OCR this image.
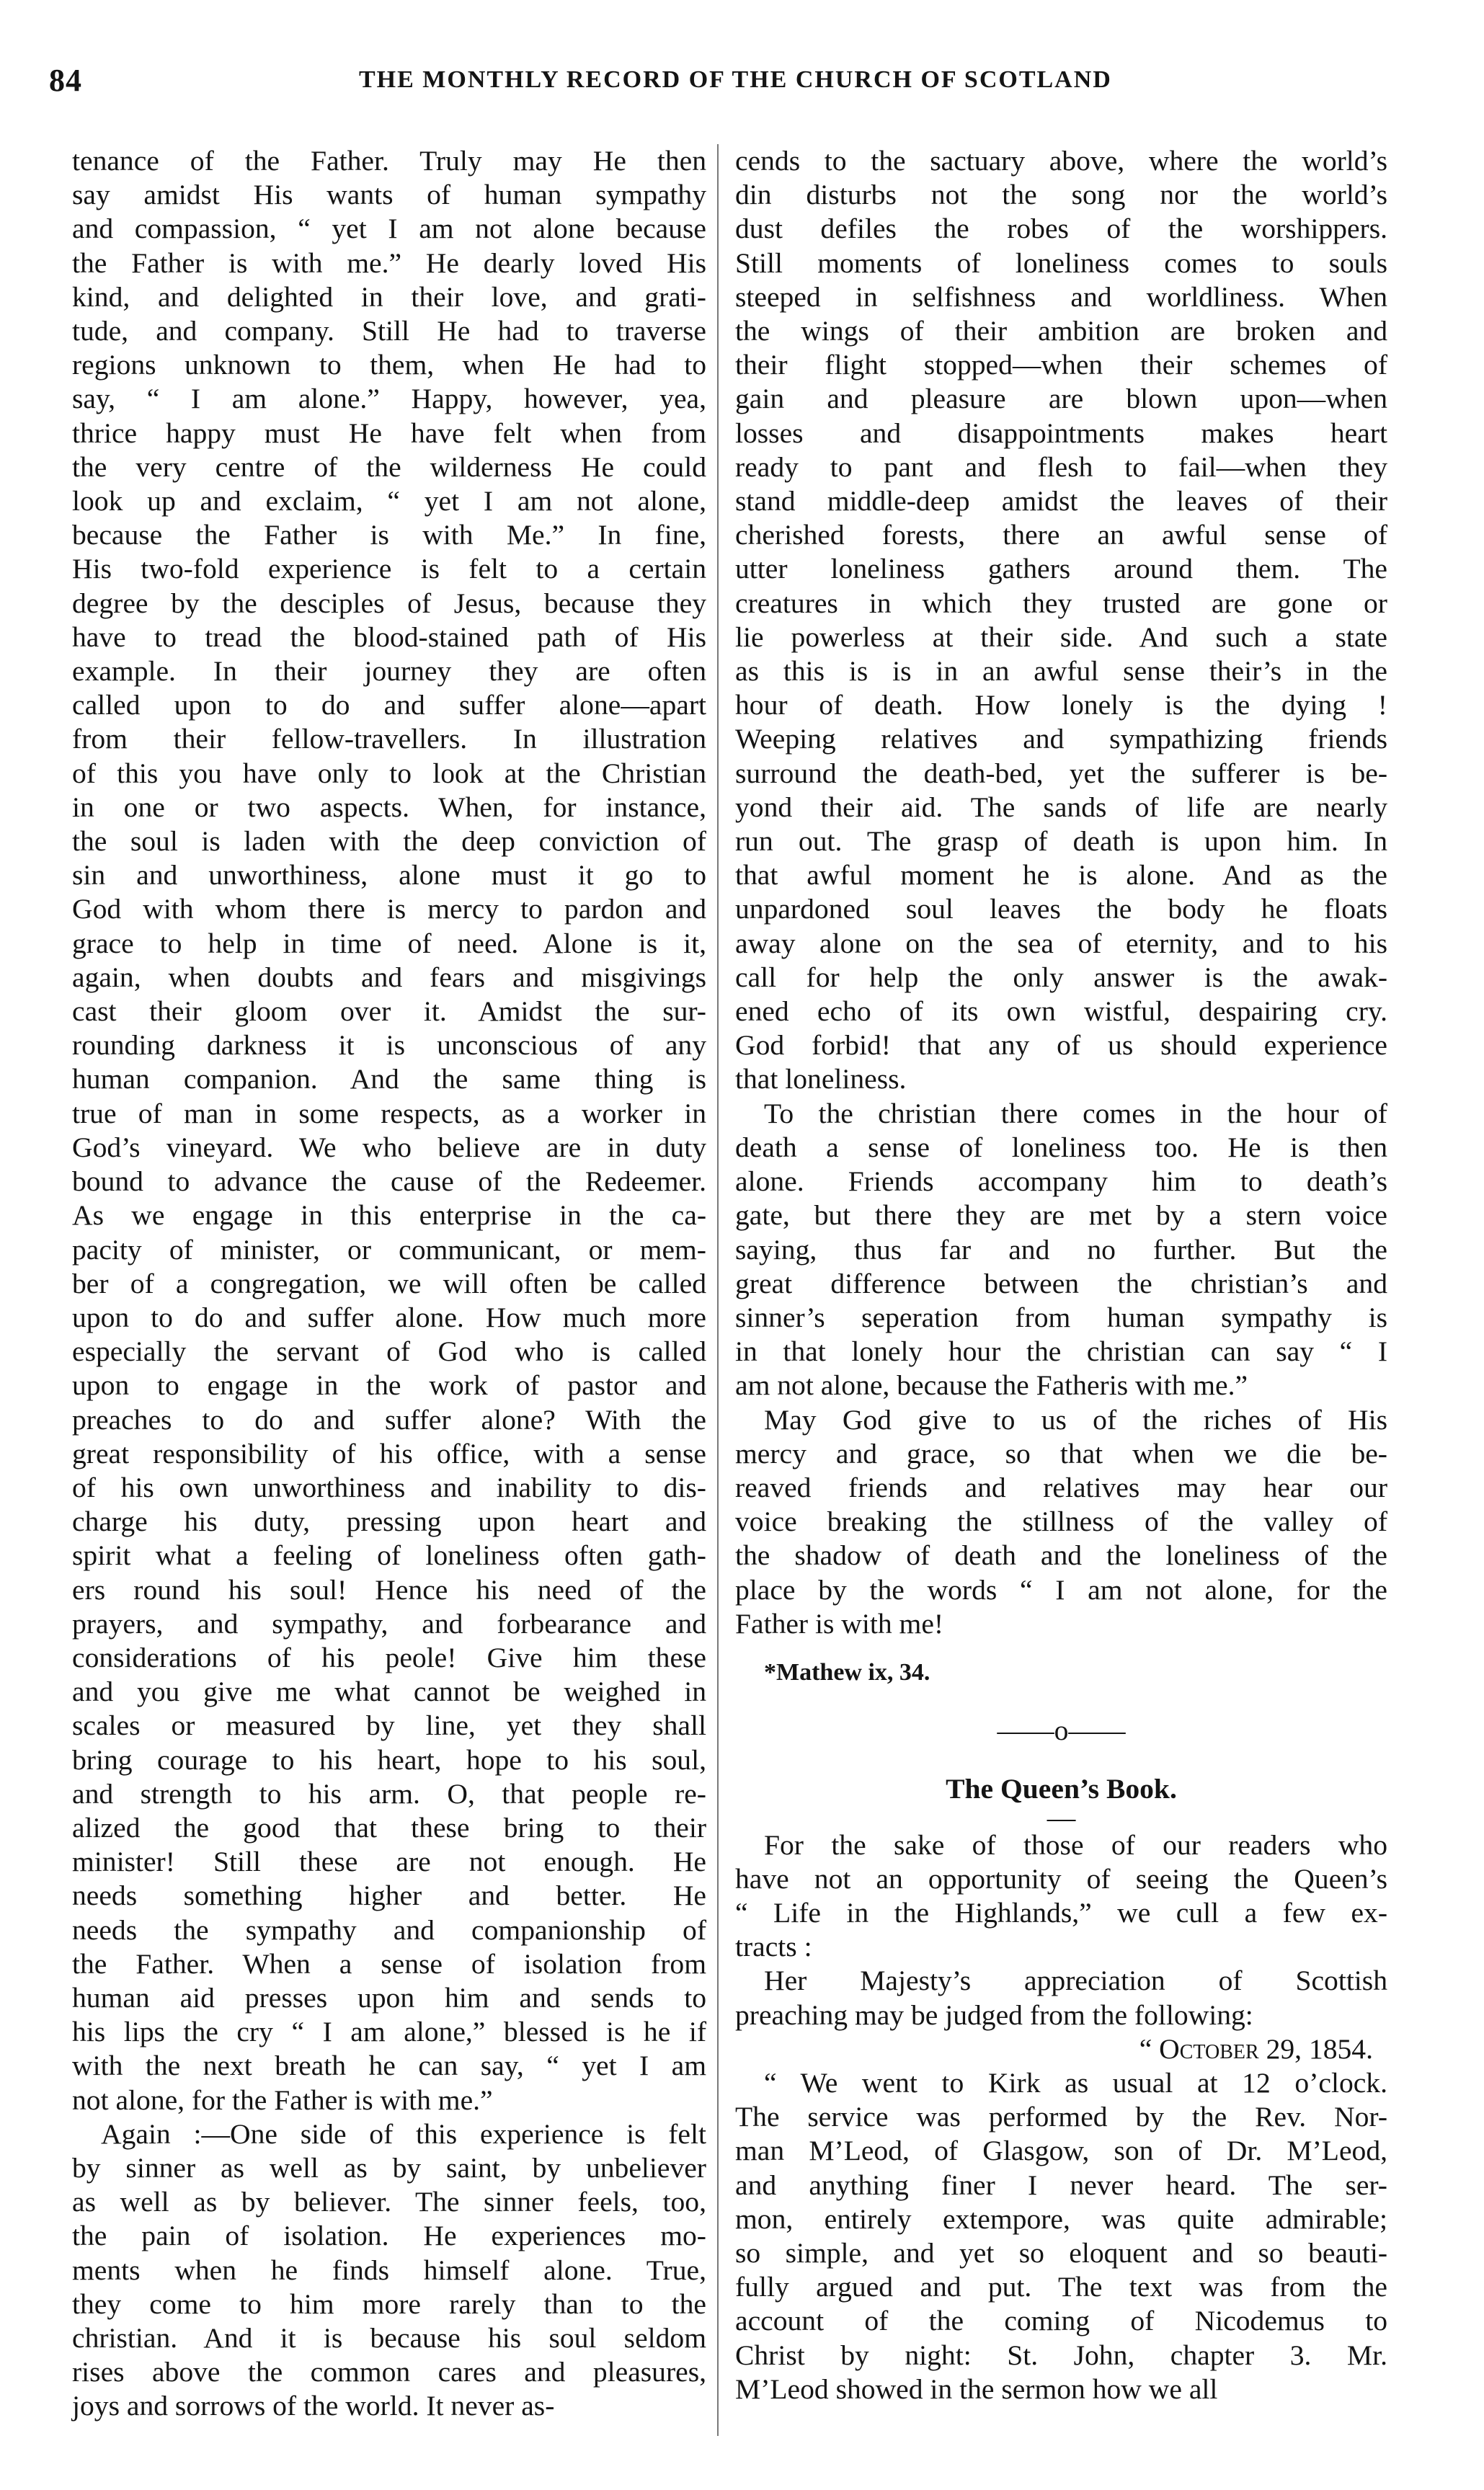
84	THE MONTHLY RECORD OF THE CHURCH OF SCOTLAND
tenance of the Father. Truly may He then
say amidst His wants of human sympathy
and compassion, “ yet I am not alone because
the Father is with me.” He dearly loved His
kind, and delighted in their love, and grati-
tude, and company. Still He had to traverse
regions unknown to them, when He had to
say, “ I am alone.” Happy, however, yea,
thrice happy must He have felt when from
the very centre of the wilderness He could
look up and exclaim, “ yet I am not alone,
because the Father is with Me.” In fine,
His two-fold experience is felt to a certain
degree by the desciples of Jesus, because they
have to tread the blood-stained path of His
example. In their journey they are often
called upon to do and suffer alone—apart
from their fellow-travellers. In illustration
of this you have only to look at the Christian
in one or two aspects. When, for instance,
the soul is laden with the deep conviction of
sin and unworthiness, alone must it go to
God with whom there is mercy to pardon and
grace to help in time of need. Alone is it,
again, when doubts and fears and misgivings
cast their gloom over it. Amidst the sur-
rounding darkness it is unconscious of any
human companion. And the same thing is
true of man in some respects, as a worker in
God’s vineyard. We who believe are in duty
bound to advance the cause of the Redeemer.
As we engage in this enterprise in the ca-
pacity of minister, or communicant, or mem-
ber of a congregation, we will often be called
upon to do and suffer alone. How much more
especially the servant of God who is called
upon to engage in the work of pastor and
preaches to do and suffer alone? With the
great responsibility of his office, with a sense
of his own unworthiness and inability to dis-
charge his duty, pressing upon heart and
spirit what a feeling of loneliness often gath-
ers round his soul! Hence his need of the
prayers, and sympathy, and forbearance and
considerations of his peole! Give him these
and you give me what cannot be weighed in
scales or measured by line, yet they shall
bring courage to his heart, hope to his soul,
and strength to his arm. O, that people re-
alized the good that these bring to their
minister! Still these are not enough. He
needs something higher and better. He
needs the sympathy and companionship of
the Father. When a sense of isolation from
human aid presses upon him and sends to
his lips the cry “ I am alone,” blessed is he if
with the next breath he can say, “ yet I am
not alone, for the Father is with me.”
Again :—One side of this experience is felt
by sinner as well as by saint, by unbeliever
as well as by believer. The sinner feels, too,
the pain of isolation. He experiences mo-
ments when he finds himself alone. True,
they come to him more rarely than to the
christian. And it is because his soul seldom
rises above the common cares and pleasures,
joys and sorrows of the world. It never as-
cends to the sactuary above, where the world’s
din disturbs not the song nor the world’s
dust defiles the robes of the worshippers.
Still moments of loneliness comes to souls
steeped in selfishness and worldliness. When
the wings of their ambition are broken and
their flight stopped—when their schemes of
gain and pleasure are blown upon—when
losses and disappointments makes heart
ready to pant and flesh to fail—when they
stand middle-deep amidst the leaves of their
cherished forests, there an awful sense of
utter loneliness gathers around them. The
creatures in which they trusted are gone or
lie powerless at their side. And such a state
as this is is in an awful sense their’s in the
hour of death. How lonely is the dying !
Weeping relatives and sympathizing friends
surround the death-bed, yet the sufferer is be-
yond their aid. The sands of life are nearly
run out. The grasp of death is upon him. In
that awful moment he is alone. And as the
unpardoned soul leaves the body he floats
away alone on the sea of eternity, and to his
call for help the only answer is the awak-
ened echo of its own wistful, despairing cry.
God forbid! that any of us should experience
that loneliness.
To the christian there comes in the hour of
death a sense of loneliness too. He is then
alone. Friends accompany him to death’s
gate, but there they are met by a stern voice
saying, thus far and no further. But the
great difference between the christian’s and
sinner’s seperation from human sympathy is
in that lonely hour the christian can say “ I
am not alone, because the Fatheris with me.”
May God give to us of the riches of His
mercy and grace, so that when we die be-
reaved friends and relatives may hear our
voice breaking the stillness of the valley of
the shadow of death and the loneliness of the
place by the words “ I am not alone, for the
Father is with me!
*Mathew ix, 34.
——o——
The Queen’s Book.
—
For the sake of those of our readers who
have not an opportunity of seeing the Queen’s
“ Life in the Highlands,” we cull a few ex-
tracts :
Her Majesty’s appreciation of Scottish
preaching may be judged from the following:
“ October 29, 1854.
“ We went to Kirk as usual at 12 o’clock.
The service was performed by the Rev. Nor-
man M’Leod, of Glasgow, son of Dr. M’Leod,
and anything finer I never heard. The ser-
mon, entirely extempore, was quite admirable;
so simple, and yet so eloquent and so beauti-
fully argued and put. The text was from the
account of the coming of Nicodemus to
Christ by night: St. John, chapter 3. Mr.
M’Leod showed in the sermon how we all
